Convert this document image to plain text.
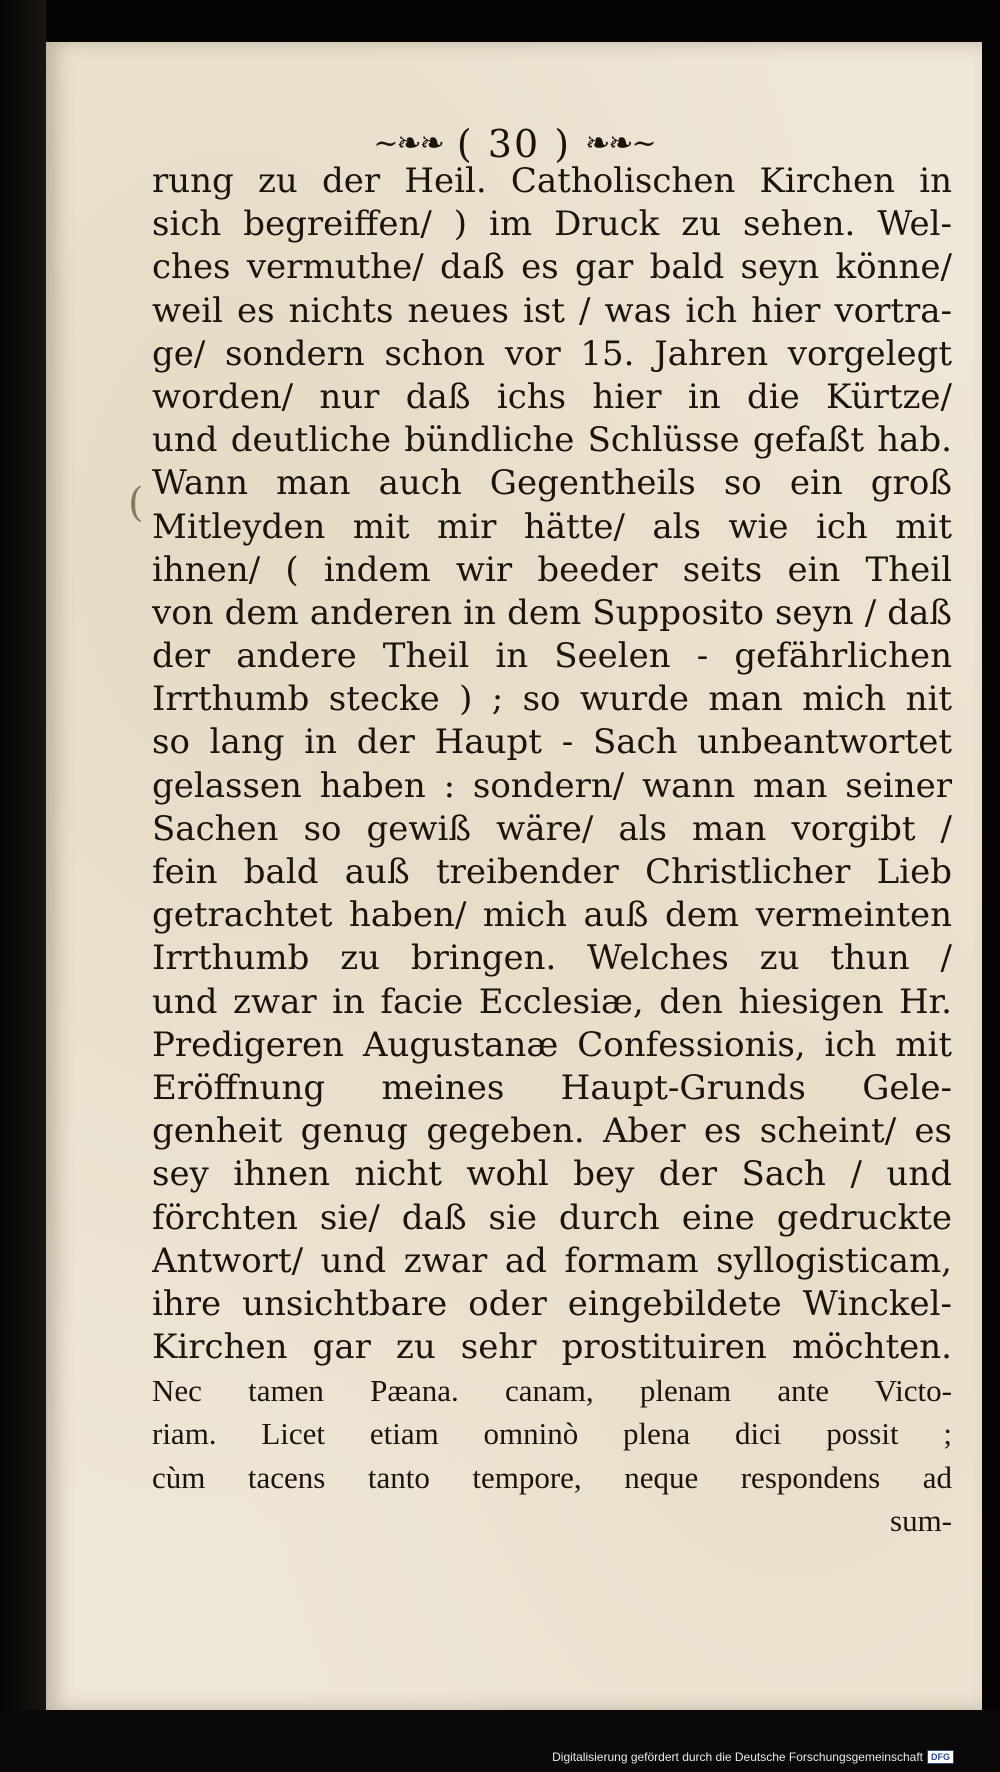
~❧❧ ( 30 ) ❧❧~
(
rung zu der Heil. Catholischen Kirchen in
sich begreiffen/ ) im Druck zu sehen. Wel-
ches vermuthe/ daß es gar bald seyn könne/
weil es nichts neues ist / was ich hier vortra-
ge/ sondern schon vor 15. Jahren vorgelegt
worden/ nur daß ichs hier in die Kürtze/
und deutliche bündliche Schlüsse gefaßt hab.
Wann man auch Gegentheils so ein groß
Mitleyden mit mir hätte/ als wie ich mit
ihnen/ ( indem wir beeder seits ein Theil
von dem anderen in dem Supposito seyn / daß
der andere Theil in Seelen - gefährlichen
Irrthumb stecke ) ; so wurde man mich nit
so lang in der Haupt - Sach unbeantwortet
gelassen haben : sondern/ wann man seiner
Sachen so gewiß wäre/ als man vorgibt /
fein bald auß treibender Christlicher Lieb
getrachtet haben/ mich auß dem vermeinten
Irrthumb zu bringen. Welches zu thun /
und zwar in facie Ecclesiæ, den hiesigen Hr.
Predigeren Augustanæ Confessionis, ich mit
Eröffnung meines Haupt-Grunds Gele-
genheit genug gegeben. Aber es scheint/ es
sey ihnen nicht wohl bey der Sach / und
förchten sie/ daß sie durch eine gedruckte
Antwort/ und zwar ad formam syllogisticam,
ihre unsichtbare oder eingebildete Winckel-
Kirchen gar zu sehr prostituiren möchten.
Nec tamen Pæana. canam, plenam ante Victo-
riam. Licet etiam omninò plena dici possit ;
cùm tacens tanto tempore, neque respondens ad
sum-
Digitalisierung gefördert durch die Deutsche Forschungsgemeinschaft DFG
